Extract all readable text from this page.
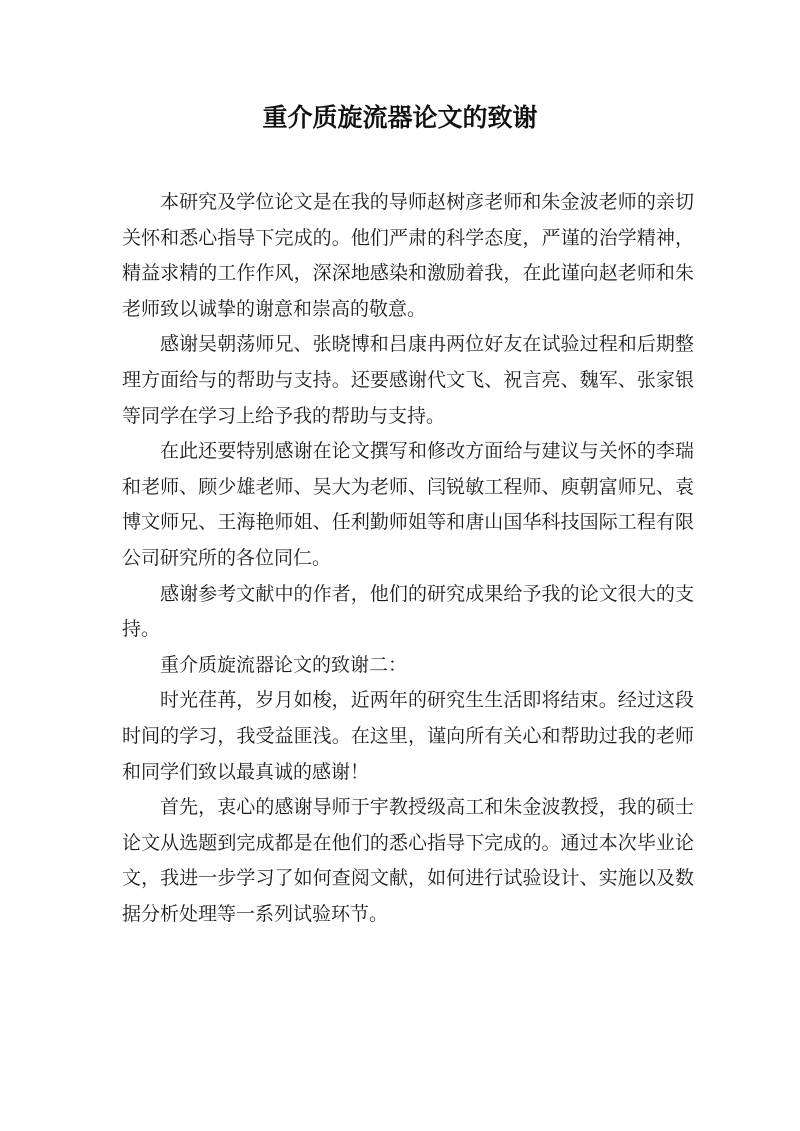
重介质旋流器论文的致谢

本研究及学位论文是在我的导师赵树彦老师和朱金波老师的亲切关怀和悉心指导下完成的。他们严肃的科学态度，严谨的治学精神，精益求精的工作作风，深深地感染和激励着我，在此谨向赵老师和朱老师致以诚挚的谢意和崇高的敬意。

感谢吴朝荡师兄、张晓博和吕康冉两位好友在试验过程和后期整理方面给与的帮助与支持。还要感谢代文飞、祝言亮、魏军、张家银等同学在学习上给予我的帮助与支持。

在此还要特别感谢在论文撰写和修改方面给与建议与关怀的李瑞和老师、顾少雄老师、吴大为老师、闫锐敏工程师、庾朝富师兄、袁博文师兄、王海艳师姐、任利勤师姐等和唐山国华科技国际工程有限公司研究所的各位同仁。

感谢参考文献中的作者，他们的研究成果给予我的论文很大的支持。

重介质旋流器论文的致谢二：

时光荏苒，岁月如梭，近两年的研究生生活即将结束。经过这段时间的学习，我受益匪浅。在这里，谨向所有关心和帮助过我的老师和同学们致以最真诚的感谢！

首先，衷心的感谢导师于宇教授级高工和朱金波教授，我的硕士论文从选题到完成都是在他们的悉心指导下完成的。通过本次毕业论文，我进一步学习了如何查阅文献，如何进行试验设计、实施以及数据分析处理等一系列试验环节。
